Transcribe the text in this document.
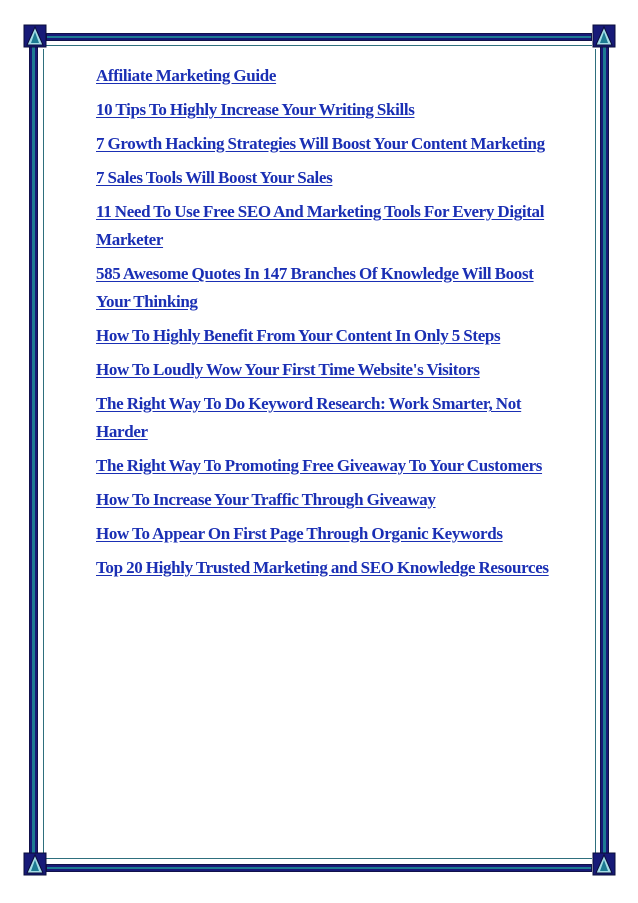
Affiliate Marketing Guide
10 Tips To Highly Increase Your Writing Skills
7 Growth Hacking Strategies Will Boost Your Content Marketing
7 Sales Tools Will Boost Your Sales
11 Need To Use Free SEO And Marketing Tools For Every Digital Marketer
585 Awesome Quotes In 147 Branches Of Knowledge Will Boost Your Thinking
How To Highly Benefit From Your Content In Only 5 Steps
How To Loudly Wow Your First Time Website's Visitors
The Right Way To Do Keyword Research: Work Smarter, Not Harder
The Right Way To Promoting Free Giveaway To Your Customers
How To Increase Your Traffic Through Giveaway
How To Appear On First Page Through Organic Keywords
Top 20 Highly Trusted Marketing and SEO Knowledge Resources
